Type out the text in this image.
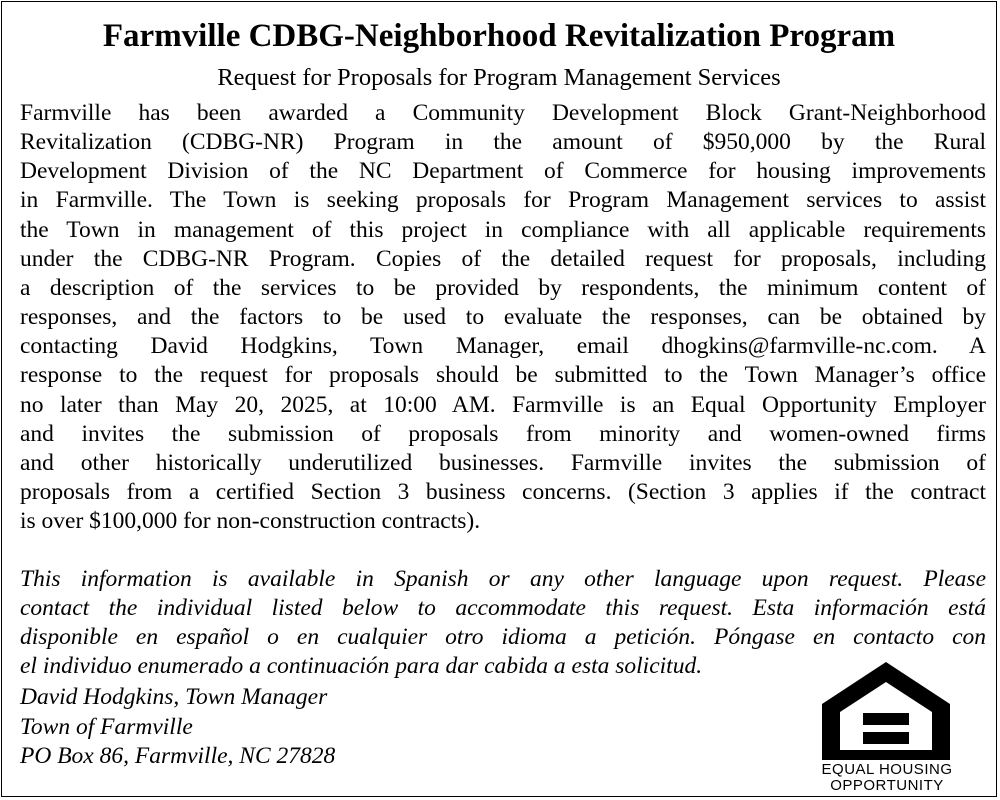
Farmville CDBG-Neighborhood Revitalization Program
Request for Proposals for Program Management Services
Farmville has been awarded a Community Development Block Grant-Neighborhood
Revitalization (CDBG-NR) Program in the amount of $950,000 by the Rural
Development Division of the NC Department of Commerce for housing improvements
in Farmville. The Town is seeking proposals for Program Management services to assist
the Town in management of this project in compliance with all applicable requirements
under the CDBG-NR Program. Copies of the detailed request for proposals, including
a description of the services to be provided by respondents, the minimum content of
responses, and the factors to be used to evaluate the responses, can be obtained by
contacting David Hodgkins, Town Manager, email dhogkins@farmville-nc.com. A
response to the request for proposals should be submitted to the Town Manager’s office
no later than May 20, 2025, at 10:00 AM. Farmville is an Equal Opportunity Employer
and invites the submission of proposals from minority and women-owned firms
and other historically underutilized businesses. Farmville invites the submission of
proposals from a certified Section 3 business concerns. (Section 3 applies if the contract
is over $100,000 for non-construction contracts).
This information is available in Spanish or any other language upon request. Please
contact the individual listed below to accommodate this request. Esta información está
disponible en español o en cualquier otro idioma a petición. Póngase en contacto con
el individuo enumerado a continuación para dar cabida a esta solicitud.
David Hodgkins, Town Manager
Town of Farmville
PO Box 86, Farmville, NC 27828
EQUAL HOUSING
OPPORTUNITY
